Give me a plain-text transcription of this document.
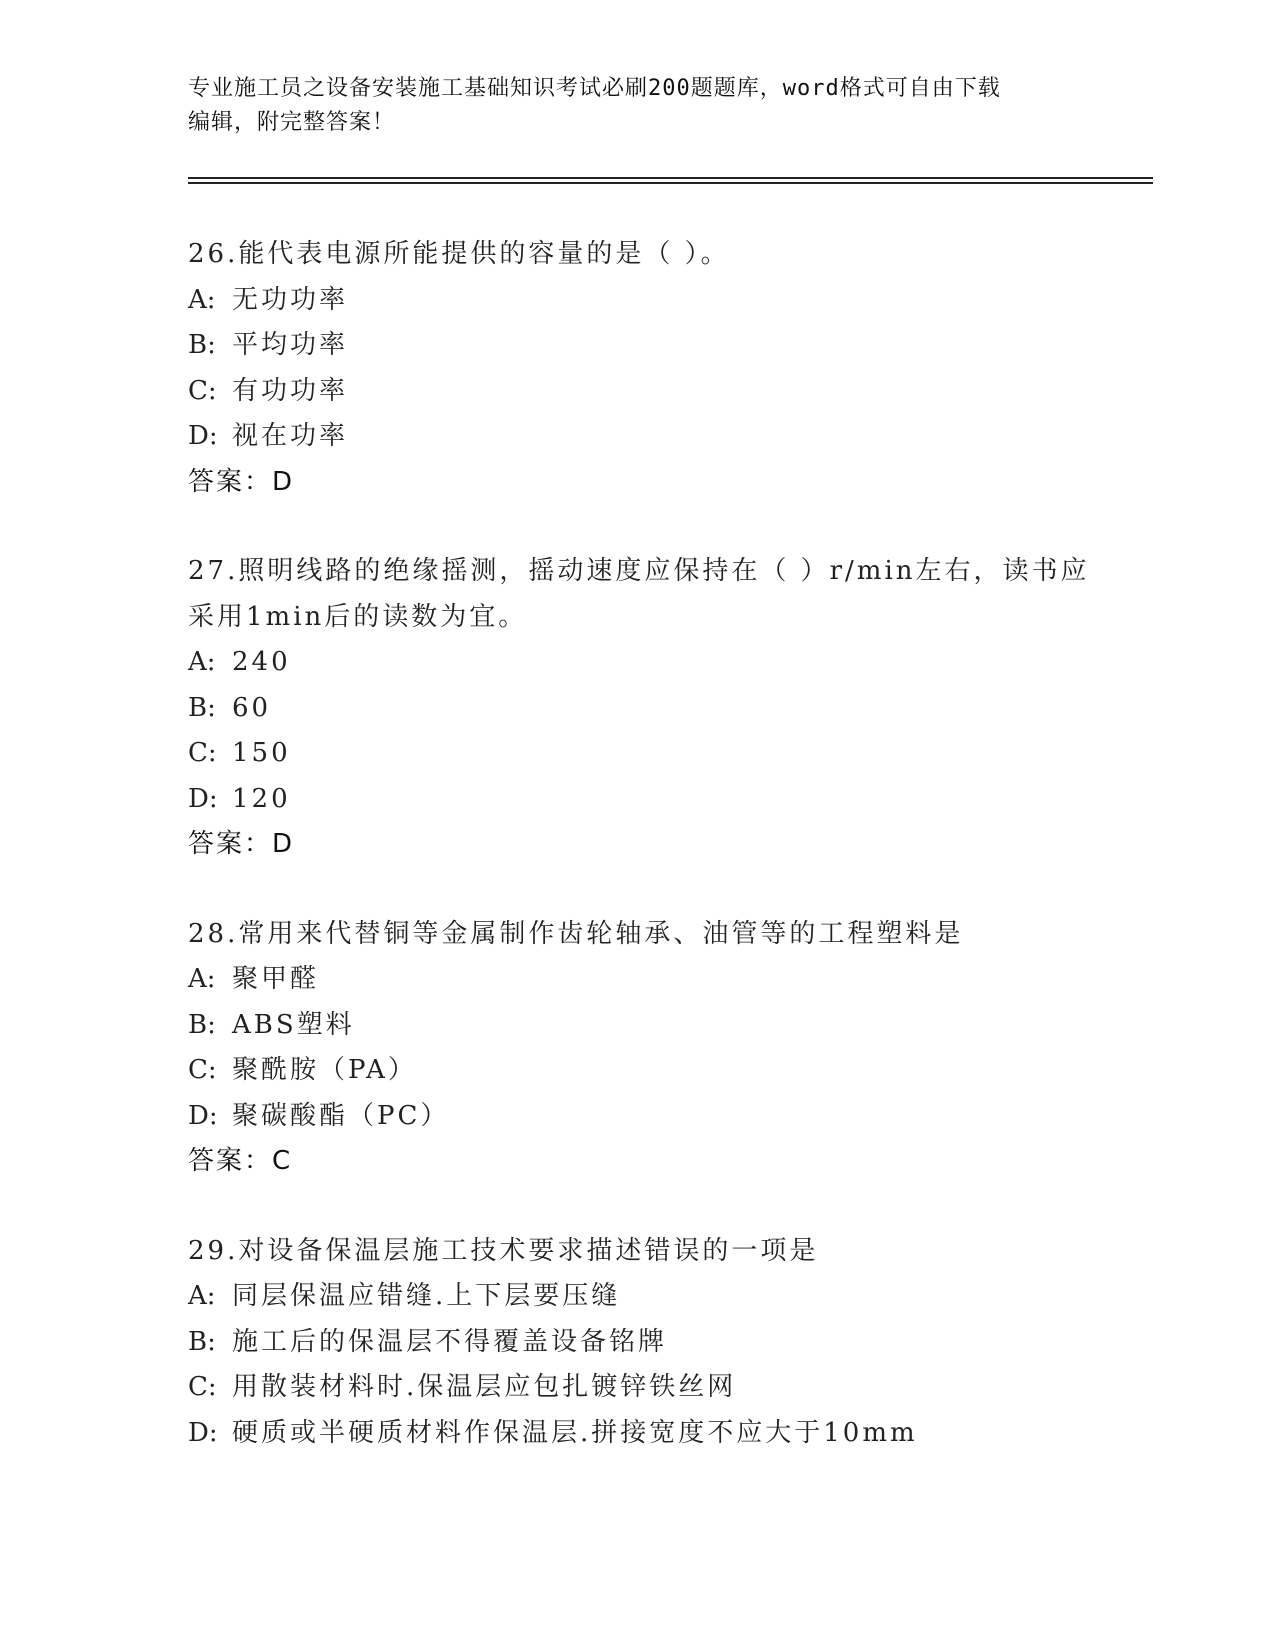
专业施工员之设备安装施工基础知识考试必刷200题题库，word格式可自由下载
编辑，附完整答案！
26.能代表电源所能提供的容量的是（ ）。
A: 无功功率
B: 平均功率
C: 有功功率
D: 视在功率
答案：D
27.照明线路的绝缘摇测，摇动速度应保持在（ ）r/min左右，读书应
采用1min后的读数为宜。
A: 240
B: 60
C: 150
D: 120
答案：D
28.常用来代替铜等金属制作齿轮轴承、油管等的工程塑料是
A: 聚甲醛
B: ABS塑料
C: 聚酰胺（PA）
D: 聚碳酸酯（PC）
答案：C
29.对设备保温层施工技术要求描述错误的一项是
A: 同层保温应错缝.上下层要压缝
B: 施工后的保温层不得覆盖设备铭牌
C: 用散装材料时.保温层应包扎镀锌铁丝网
D: 硬质或半硬质材料作保温层.拼接宽度不应大于10mm
